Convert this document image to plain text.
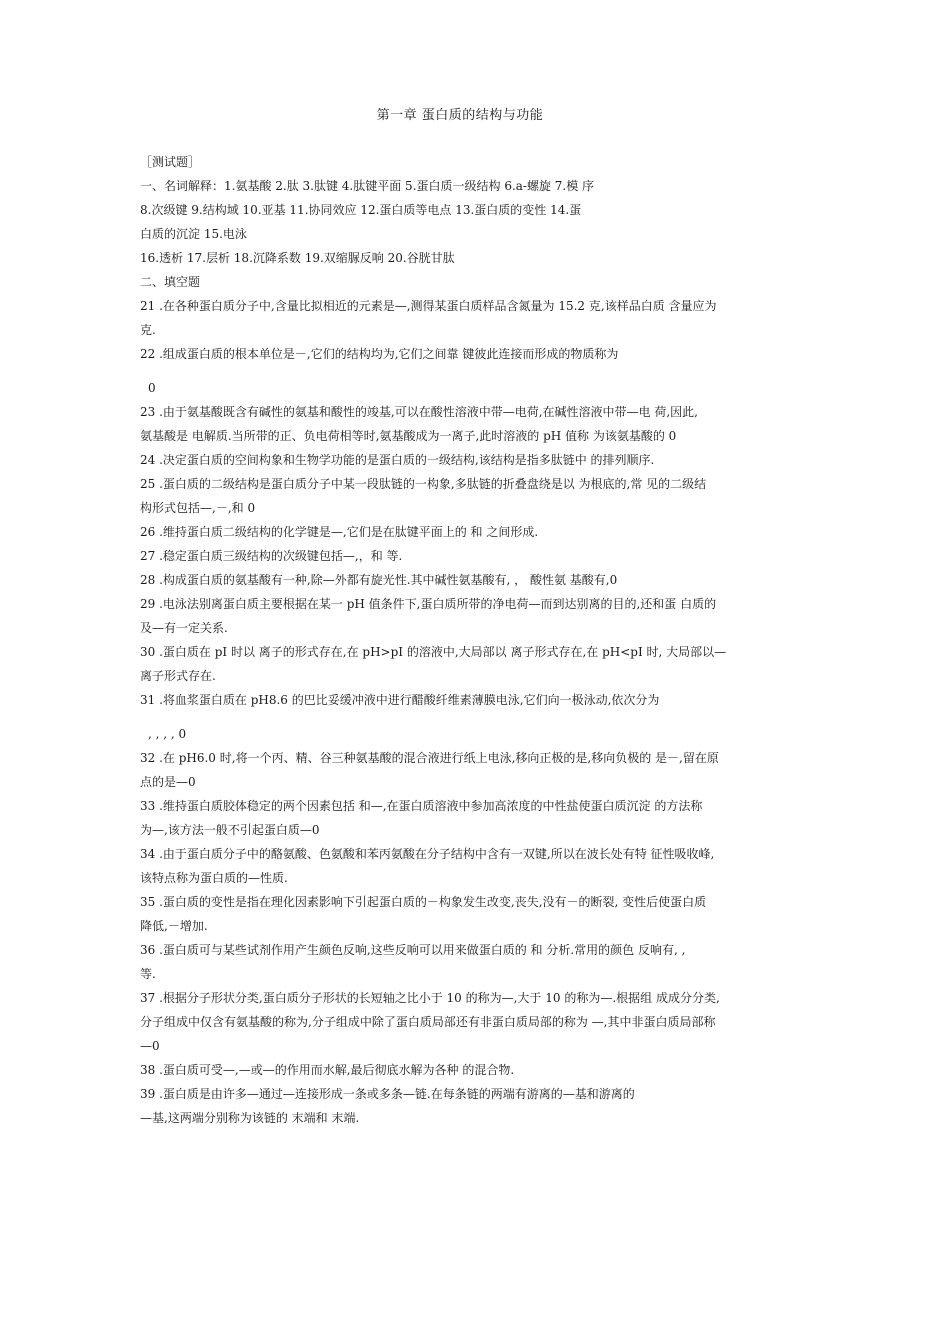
第一章 蛋白质的结构与功能
［测试题］
一、名词解释：1.氨基酸 2.肽 3.肽键 4.肽键平面 5.蛋白质一级结构 6.a-螺旋 7.模 序
8.次级键 9.结构域 10.亚基 11.协同效应 12.蛋白质等电点 13.蛋白质的变性 14.蛋
白质的沉淀 15.电泳
16.透析 17.层析 18.沉降系数 19.双缩脲反响 20.谷胱甘肽
二、填空题
21 .在各种蛋白质分子中,含量比拟相近的元素是—,测得某蛋白质样品含氮量为 15.2 克,该样品白质 含量应为
克.
22 .组成蛋白质的根本单位是－,它们的结构均为,它们之间靠 键彼此连接而形成的物质称为
0
23 .由于氨基酸既含有碱性的氨基和酸性的竣基,可以在酸性溶液中带—电荷,在碱性溶液中带—电 荷,因此,
氨基酸是 电解质.当所带的正、负电荷相等时,氨基酸成为一离子,此时溶液的 pH 值称 为该氨基酸的 0
24 .决定蛋白质的空间构象和生物学功能的是蛋白质的一级结构,该结构是指多肽链中 的排列顺序.
25 .蛋白质的二级结构是蛋白质分子中某一段肽链的一构象,多肽链的折叠盘绕是以 为根底的,常 见的二级结
构形式包括—,－,和 0
26 .维持蛋白质二级结构的化学键是—,它们是在肽键平面上的 和 之间形成.
27 .稳定蛋白质三级结构的次级键包括—,，和 等.
28 .构成蛋白质的氨基酸有一种,除—外都有旋光性.其中碱性氨基酸有, ， 酸性氨 基酸有,0
29 .电泳法别离蛋白质主要根据在某一 pH 值条件下,蛋白质所带的净电荷—而到达别离的目的,还和蛋 白质的
及—有一定关系.
30 .蛋白质在 pI 时以 离子的形式存在,在 pH>pI 的溶液中,大局部以 离子形式存在,在 pH<pI 时, 大局部以—
离子形式存在.
31 .将血浆蛋白质在 pH8.6 的巴比妥缓冲液中进行醋酸纤维素薄膜电泳,它们向一极泳动,依次分为
, , , , 0
32 .在 pH6.0 时,将一个丙、精、谷三种氨基酸的混合液进行纸上电泳,移向正极的是,移向负极的 是－,留在原
点的是—0
33 .维持蛋白质胶体稳定的两个因素包括 和—,在蛋白质溶液中参加高浓度的中性盐使蛋白质沉淀 的方法称
为—,该方法一般不引起蛋白质—0
34 .由于蛋白质分子中的酪氨酸、色氨酸和苯丙氨酸在分子结构中含有一双键,所以在波长处有特 征性吸收峰,
该特点称为蛋白质的—性质.
35 .蛋白质的变性是指在理化因素影响下引起蛋白质的－构象发生改变,丧失,没有－的断裂, 变性后使蛋白质
降低,－增加.
36 .蛋白质可与某些试剂作用产生颜色反响,这些反响可以用来做蛋白质的 和 分析.常用的颜色 反响有, ,
等.
37 .根据分子形状分类,蛋白质分子形状的长短轴之比小于 10 的称为—,大于 10 的称为—.根据组 成成分分类,
分子组成中仅含有氨基酸的称为,分子组成中除了蛋白质局部还有非蛋白质局部的称为 —,其中非蛋白质局部称
—0
38 .蛋白质可受—,—或—的作用而水解,最后彻底水解为各种 的混合物.
39 .蛋白质是由许多—通过—连接形成一条或多条—链.在每条链的两端有游离的—基和游离的
—基,这两端分别称为该链的 末端和 末端.
